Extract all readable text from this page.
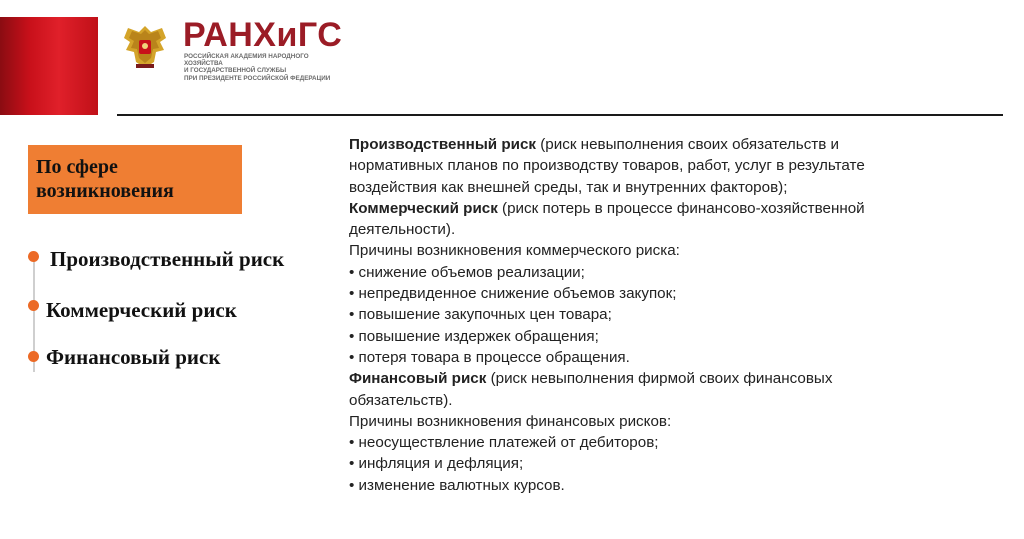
РАНХиГС
РОССИЙСКАЯ АКАДЕМИЯ НАРОДНОГО ХОЗЯЙСТВА
И ГОСУДАРСТВЕННОЙ СЛУЖБЫ
ПРИ ПРЕЗИДЕНТЕ РОССИЙСКОЙ ФЕДЕРАЦИИ
По сфере
возникновения
Производственный риск
Коммерческий риск
Финансовый риск
Производственный риск (риск невыполнения своих обязательств и
нормативных планов по производству товаров, работ, услуг в результате
воздействия как внешней среды, так и внутренних факторов);
Коммерческий риск (риск потерь в процессе финансово-хозяйственной
деятельности).
Причины возникновения коммерческого риска:
• снижение объемов реализации;
• непредвиденное снижение объемов закупок;
• повышение закупочных цен товара;
• повышение издержек обращения;
• потеря товара в процессе обращения.
Финансовый риск (риск невыполнения фирмой своих финансовых
обязательств).
Причины возникновения финансовых рисков:
• неосуществление платежей от дебиторов;
• инфляция и дефляция;
• изменение валютных курсов.
